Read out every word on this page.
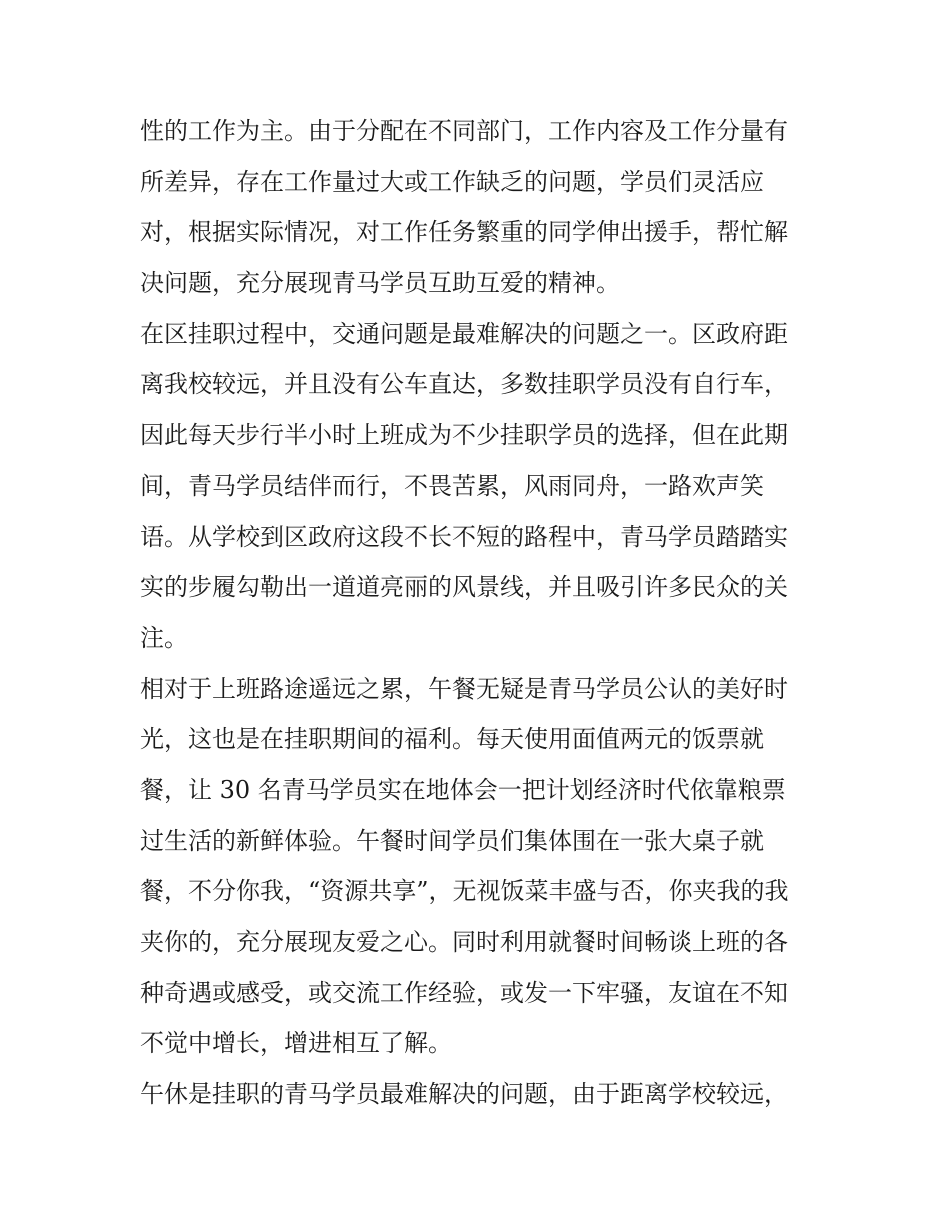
性的工作为主。由于分配在不同部门，工作内容及工作分量有
所差异，存在工作量过大或工作缺乏的问题，学员们灵活应
对，根据实际情况，对工作任务繁重的同学伸出援手，帮忙解
决问题，充分展现青马学员互助互爱的精神。
在区挂职过程中，交通问题是最难解决的问题之一。区政府距
离我校较远，并且没有公车直达，多数挂职学员没有自行车，
因此每天步行半小时上班成为不少挂职学员的选择，但在此期
间，青马学员结伴而行，不畏苦累，风雨同舟，一路欢声笑
语。从学校到区政府这段不长不短的路程中，青马学员踏踏实
实的步履勾勒出一道道亮丽的风景线，并且吸引许多民众的关
注。
相对于上班路途遥远之累，午餐无疑是青马学员公认的美好时
光，这也是在挂职期间的福利。每天使用面值两元的饭票就
餐，让 30 名青马学员实在地体会一把计划经济时代依靠粮票
过生活的新鲜体验。午餐时间学员们集体围在一张大桌子就
餐，不分你我，“资源共享”，无视饭菜丰盛与否，你夹我的我
夹你的，充分展现友爱之心。同时利用就餐时间畅谈上班的各
种奇遇或感受，或交流工作经验，或发一下牢骚，友谊在不知
不觉中增长，增进相互了解。
午休是挂职的青马学员最难解决的问题，由于距离学校较远，
